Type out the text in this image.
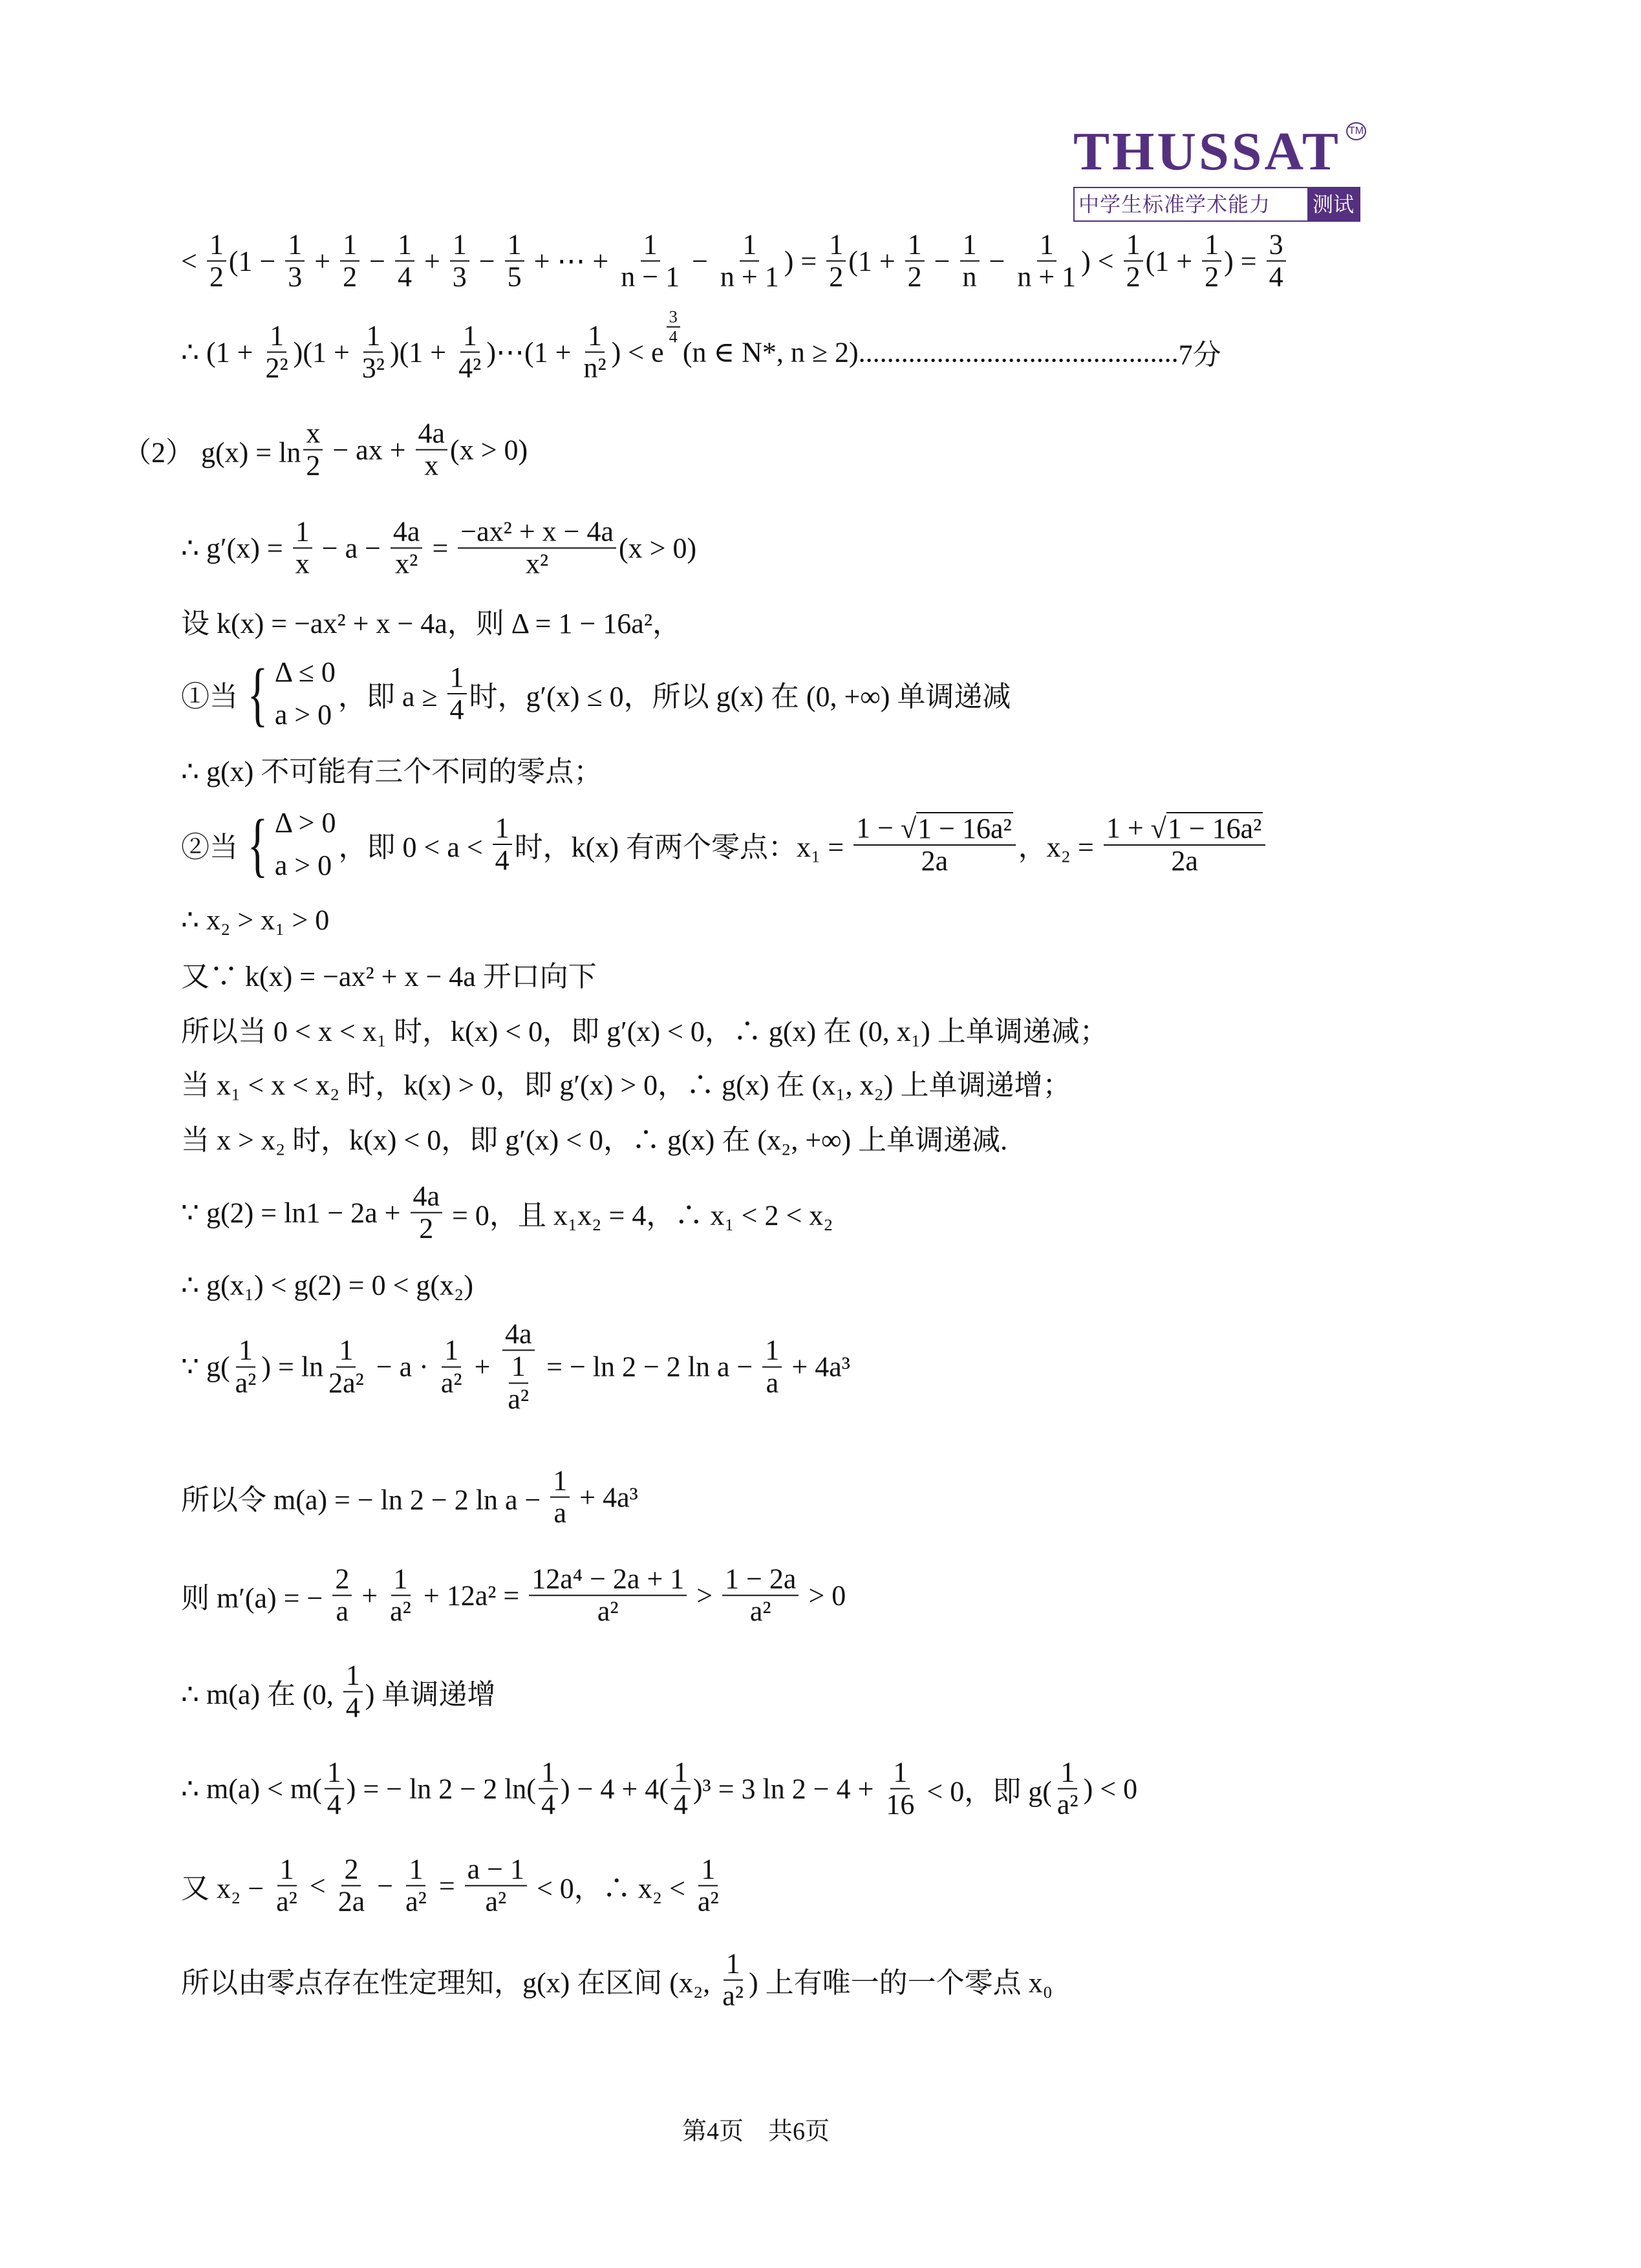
THUSSAT TM
中学生标准学术能力	测试
< $\frac{1}{2} (1 - \frac{1}{3} + \frac{1}{2} - \frac{1}{4} + \frac{1}{3} - \frac{1}{5}$ + ⋯ + $\frac{1}{n - 1} - \frac{1}{n + 1}$ ) = $\frac{1}{2} (1 + \frac{1}{2} - \frac{1}{n} - \frac{1}{n + 1}$ ) < $\frac{1}{2} (1 + \frac{1}{2}$ ) = $\frac{3}{4}$
∴ $(1 + \frac{1}{\text{2²}} )(1 + \frac{1}{\text{3²}} )(1 + \frac{1}{\text{4²}}$ )⋯(1 + $\frac{1}{\text{n²}}$ ) < e
$\frac{3}{4}$
(n ∈ N*, n ≥ 2) ............................................. 7分
（2） $g(x) = \ln \frac{x}{2}$ − ax + $\frac{4a}{x} (x > 0)$
∴ $g'(x) = \frac{1}{x} - a - \frac{4a}{\text{x²}} = \frac{\text{−ax² + x − 4a}}{\text{x²}} (x > 0)$
设 k(x) = −ax² + x − 4a，则 Δ = 1 − 16a²，
①当 { Δ ≤ 0
a > 0
，即 $a \ge \frac{1}{4}$ 时，g′(x) ≤ 0，所以 g(x) 在 (0, +∞) 单调递减
∴ g(x) 不可能有三个不同的零点；
②当 { Δ > 0
a > 0
，即 $0 < a < \frac{1}{4}$ 时，k(x) 有两个零点：$x_1 = \frac{\text{1 − √ 1 − 16a²}}{2a}$ ，$x_2 = \frac{\text{1 + √ 1 − 16a²}}{2a}$
∴ x₂ > x₁ > 0
又∵ k(x) = −ax² + x − 4a 开口向下
所以当 0 < x < x₁ 时，k(x) < 0，即 g′(x) < 0，∴ g(x) 在 (0, x₁) 上单调递减；
当 x₁ < x < x₂ 时，k(x) > 0，即 g′(x) > 0，∴ g(x) 在 (x₁, x₂) 上单调递增；
当 x > x₂ 时，k(x) < 0，即 g′(x) < 0，∴ g(x) 在 (x₂, +∞) 上单调递减.
∵ $g(2) = \ln 1 - 2a + \frac{4a}{2} = 0$，且 x₁x₂ = 4，∴ x₁ < 2 < x₂
∴ g(x₁) < g(2) = 0 < g(x₂)
∵ $g( \frac{1}{\text{a²}}$ ) = $\ln \frac{1}{\text{2a²}} - a \cdot \frac{1}{\text{a²}} + \frac{4a}{\frac{1}{\text{a²}}}$ = − ln 2 − 2 $\ln a - \frac{1}{a} + 4a^3$
所以令 m(a) = − ln 2 − 2 $\ln a - \frac{1}{a} + 4a^3$
则 m′(a) = − $\frac{2}{a} + \frac{1}{\text{a²}} + 12a^2 = \frac{\text{12a⁴ − 2a + 1}}{\text{a²}} > \frac{1 - 2a}{\text{a²}} > 0$
∴ m(a) 在 (0, $\frac{1}{4}$ ) 单调递增
∴ $m(a) < m( \frac{1}{4}$ ) = − ln 2 − 2 $\ln( \frac{1}{4}$ ) − $4 + 4( \frac{1}{4} )^3 = 3$ $\ln 2 - 4 + \frac{1}{16} < 0$，即 $g( \frac{1}{\text{a²}}$ ) < 0
又 $x_2 - \frac{1}{\text{a²}} < \frac{2}{2a} - \frac{1}{\text{a²}} = \frac{a - 1}{\text{a²}} < 0$，∴ $x_2 < \frac{1}{\text{a²}}$
所以由零点存在性定理知，g(x) 在区间 (x₂, $\frac{1}{\text{a²}}$ ) 上有唯一的一个零点 x₀
第4页　共6页
